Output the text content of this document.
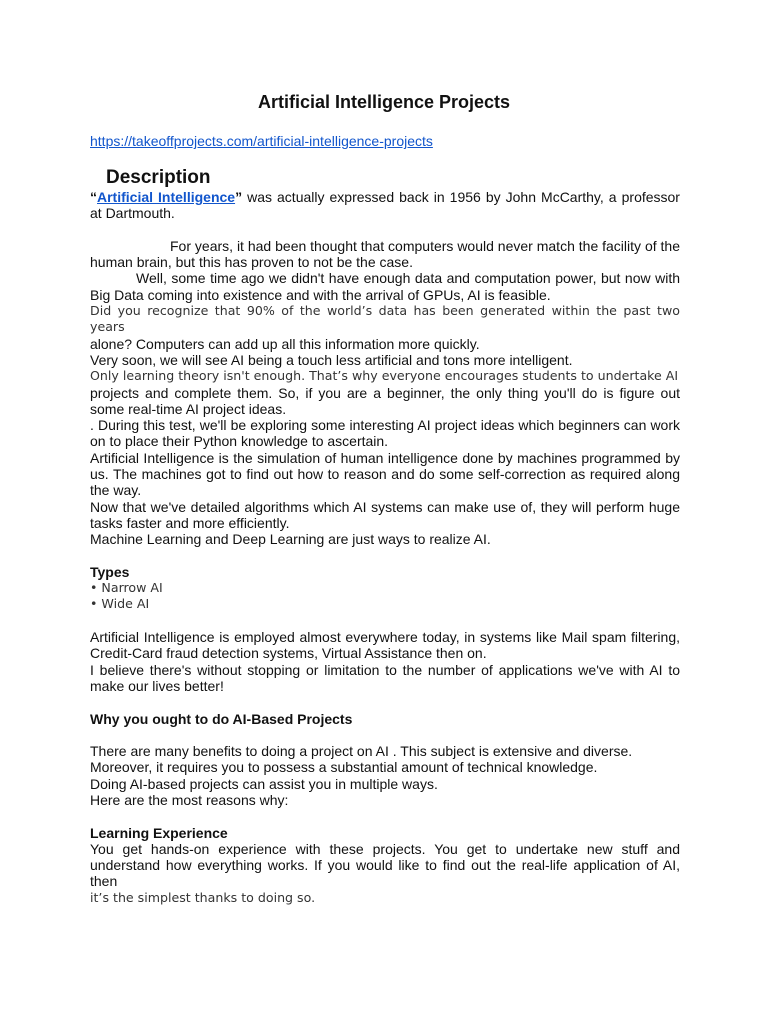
Artificial Intelligence Projects
https://takeoffprojects.com/artificial-intelligence-projects
Description

“Artificial Intelligence” was actually expressed back in 1956 by John McCarthy, a professor at Dartmouth.

For years, it had been thought that computers would never match the facility of the human brain, but this has proven to not be the case.

Well, some time ago we didn't have enough data and computation power, but now with Big Data coming into existence and with the arrival of GPUs, AI is feasible.

Did you recognize that 90% of the world’s data has been generated within the past two years

alone? Computers can add up all this information more quickly.

Very soon, we will see AI being a touch less artificial and tons more intelligent.

Only learning theory isn't enough. That’s why everyone encourages students to undertake AI

projects and complete them. So, if you are a beginner, the only thing you'll do is figure out some real-time AI project ideas.

. During this test, we'll be exploring some interesting AI project ideas which beginners can work on to place their Python knowledge to ascertain.

Artificial Intelligence is the simulation of human intelligence done by machines programmed by us. The machines got to find out how to reason and do some self-correction as required along the way.

Now that we've detailed algorithms which AI systems can make use of, they will perform huge tasks faster and more efficiently.

Machine Learning and Deep Learning are just ways to realize AI.

Types

• Narrow AI

• Wide AI

Artificial Intelligence is employed almost everywhere today, in systems like Mail spam filtering, Credit-Card fraud detection systems, Virtual Assistance then on.

I believe there's without stopping or limitation to the number of applications we've with AI to make our lives better!

Why you ought to do AI-Based Projects

There are many benefits to doing a project on AI . This subject is extensive and diverse.

Moreover, it requires you to possess a substantial amount of technical knowledge.

Doing AI-based projects can assist you in multiple ways.

Here are the most reasons why:

Learning Experience

You get hands-on experience with these projects. You get to undertake new stuff and understand how everything works. If you would like to find out the real-life application of AI, then

it’s the simplest thanks to doing so.
